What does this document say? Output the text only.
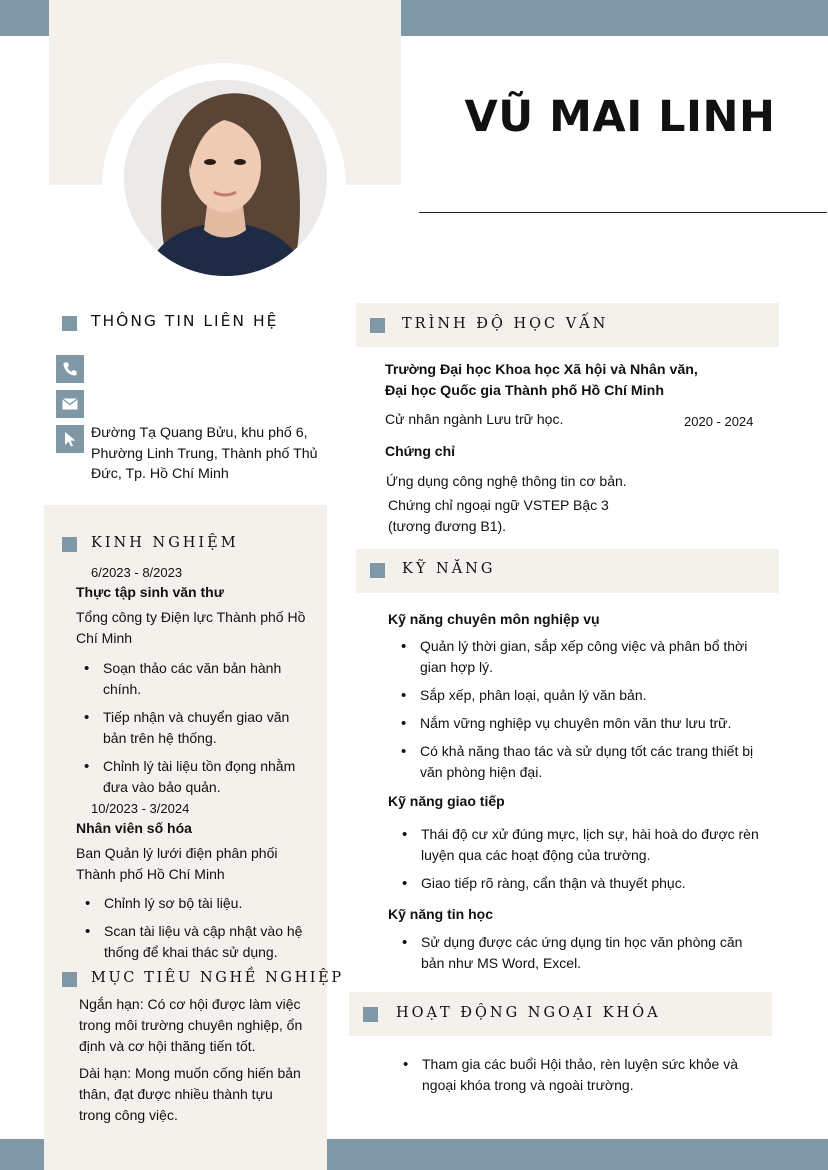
VŨ MAI LINH
THÔNG TIN LIÊN HỆ
Đường Tạ Quang Bửu, khu phố 6, Phường Linh Trung, Thành phố Thủ Đức, Tp. Hồ Chí Minh
KINH NGHIỆM
6/2023 - 8/2023
Thực tập sinh văn thư
Tổng công ty Điện lực Thành phố Hồ Chí Minh
• Soạn thảo các văn bản hành chính.
• Tiếp nhận và chuyển giao văn bản trên hệ thống.
• Chỉnh lý tài liệu tồn đọng nhằm đưa vào bảo quản.
10/2023 - 3/2024
Nhân viên số hóa
Ban Quản lý lưới điện phân phối Thành phố Hồ Chí Minh
• Chỉnh lý sơ bộ tài liệu.
• Scan tài liệu và cập nhật vào hệ thống để khai thác sử dụng.
MỤC TIÊU NGHỀ NGHIỆP
Ngắn hạn: Có cơ hội được làm việc trong môi trường chuyên nghiệp, ổn định và cơ hội thăng tiến tốt.
Dài hạn: Mong muốn cống hiến bản thân, đạt được nhiều thành tựu trong công việc.
TRÌNH ĐỘ HỌC VẤN
Trường Đại học Khoa học Xã hội và Nhân văn,
Đại học Quốc gia Thành phố Hồ Chí Minh
Cử nhân ngành Lưu trữ học.	2020 - 2024
Chứng chỉ
Ứng dụng công nghệ thông tin cơ bản.
Chứng chỉ ngoại ngữ VSTEP Bậc 3 (tương đương B1).
KỸ NĂNG
Kỹ năng chuyên môn nghiệp vụ
• Quản lý thời gian, sắp xếp công việc và phân bổ thời gian hợp lý.
• Sắp xếp, phân loại, quản lý văn bản.
• Nắm vững nghiệp vụ chuyên môn văn thư lưu trữ.
• Có khả năng thao tác và sử dụng tốt các trang thiết bị văn phòng hiện đại.
Kỹ năng giao tiếp
• Thái độ cư xử đúng mực, lịch sự, hài hoà do được rèn luyện qua các hoạt động của trường.
• Giao tiếp rõ ràng, cẩn thận và thuyết phục.
Kỹ năng tin học
• Sử dụng được các ứng dụng tin học văn phòng căn bản như MS Word, Excel.
HOẠT ĐỘNG NGOẠI KHÓA
• Tham gia các buổi Hội thảo, rèn luyện sức khỏe và ngoại khóa trong và ngoài trường.
